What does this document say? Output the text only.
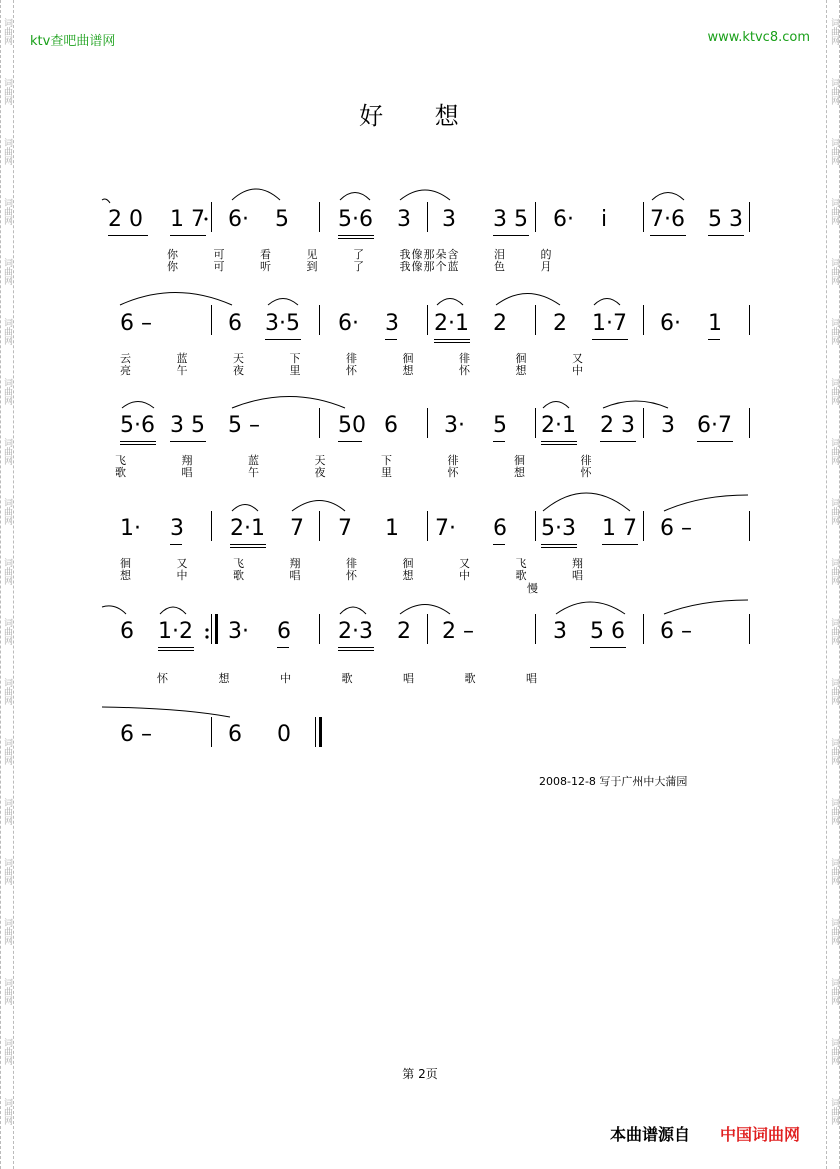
ktv查吧曲谱网	www.ktvc8.com
好 想
2 0 1 7 6· 5 5·6 3 3 3 5 6· i 7·6 5 3
你 可 看 见 了 我像那朵含 泪 的
你 可 听 到 了 我像那个蓝 色 月
6 –	6 3·5 6· 3 2·1 2 2 1·7 6· 1
云 蓝 天 下 徘 徊 徘 徊 又
亮 午 夜 里 怀 想 怀 想 中
5·6 3 5 5 –	50 6 3· 5 2·1 2 3 3 6·7
飞 翔 蓝 天 下 徘 徊 徘
歌 唱 午 夜 里 怀 想 怀
1· 3 2·1 7 7 1 7· 6 5·3 1 7 6 –
徊 又 飞 翔 徘 徊 又 飞 翔
想 中 歌 唱 怀 想 中 歌 唱
慢
6 1·2 3· 6 2·3 2 2 –	3 5 6 6 –
怀 想 中 歌 唱 歌 唱
6 –	6 0
2008-12-8 写于广州中大蒲园
第 2页
本曲谱源自 中国词曲网
词曲网
词曲网
词曲网
词曲网
词曲网
词曲网
词曲网
词曲网
词曲网
词曲网
词曲网
词曲网
词曲网
词曲网
词曲网
词曲网
词曲网
词曲网
词曲网
词曲网
词曲网
词曲网
词曲网
词曲网
词曲网
词曲网
词曲网
词曲网
词曲网
词曲网
词曲网
词曲网
词曲网
词曲网
词曲网
词曲网
词曲网
词曲网
